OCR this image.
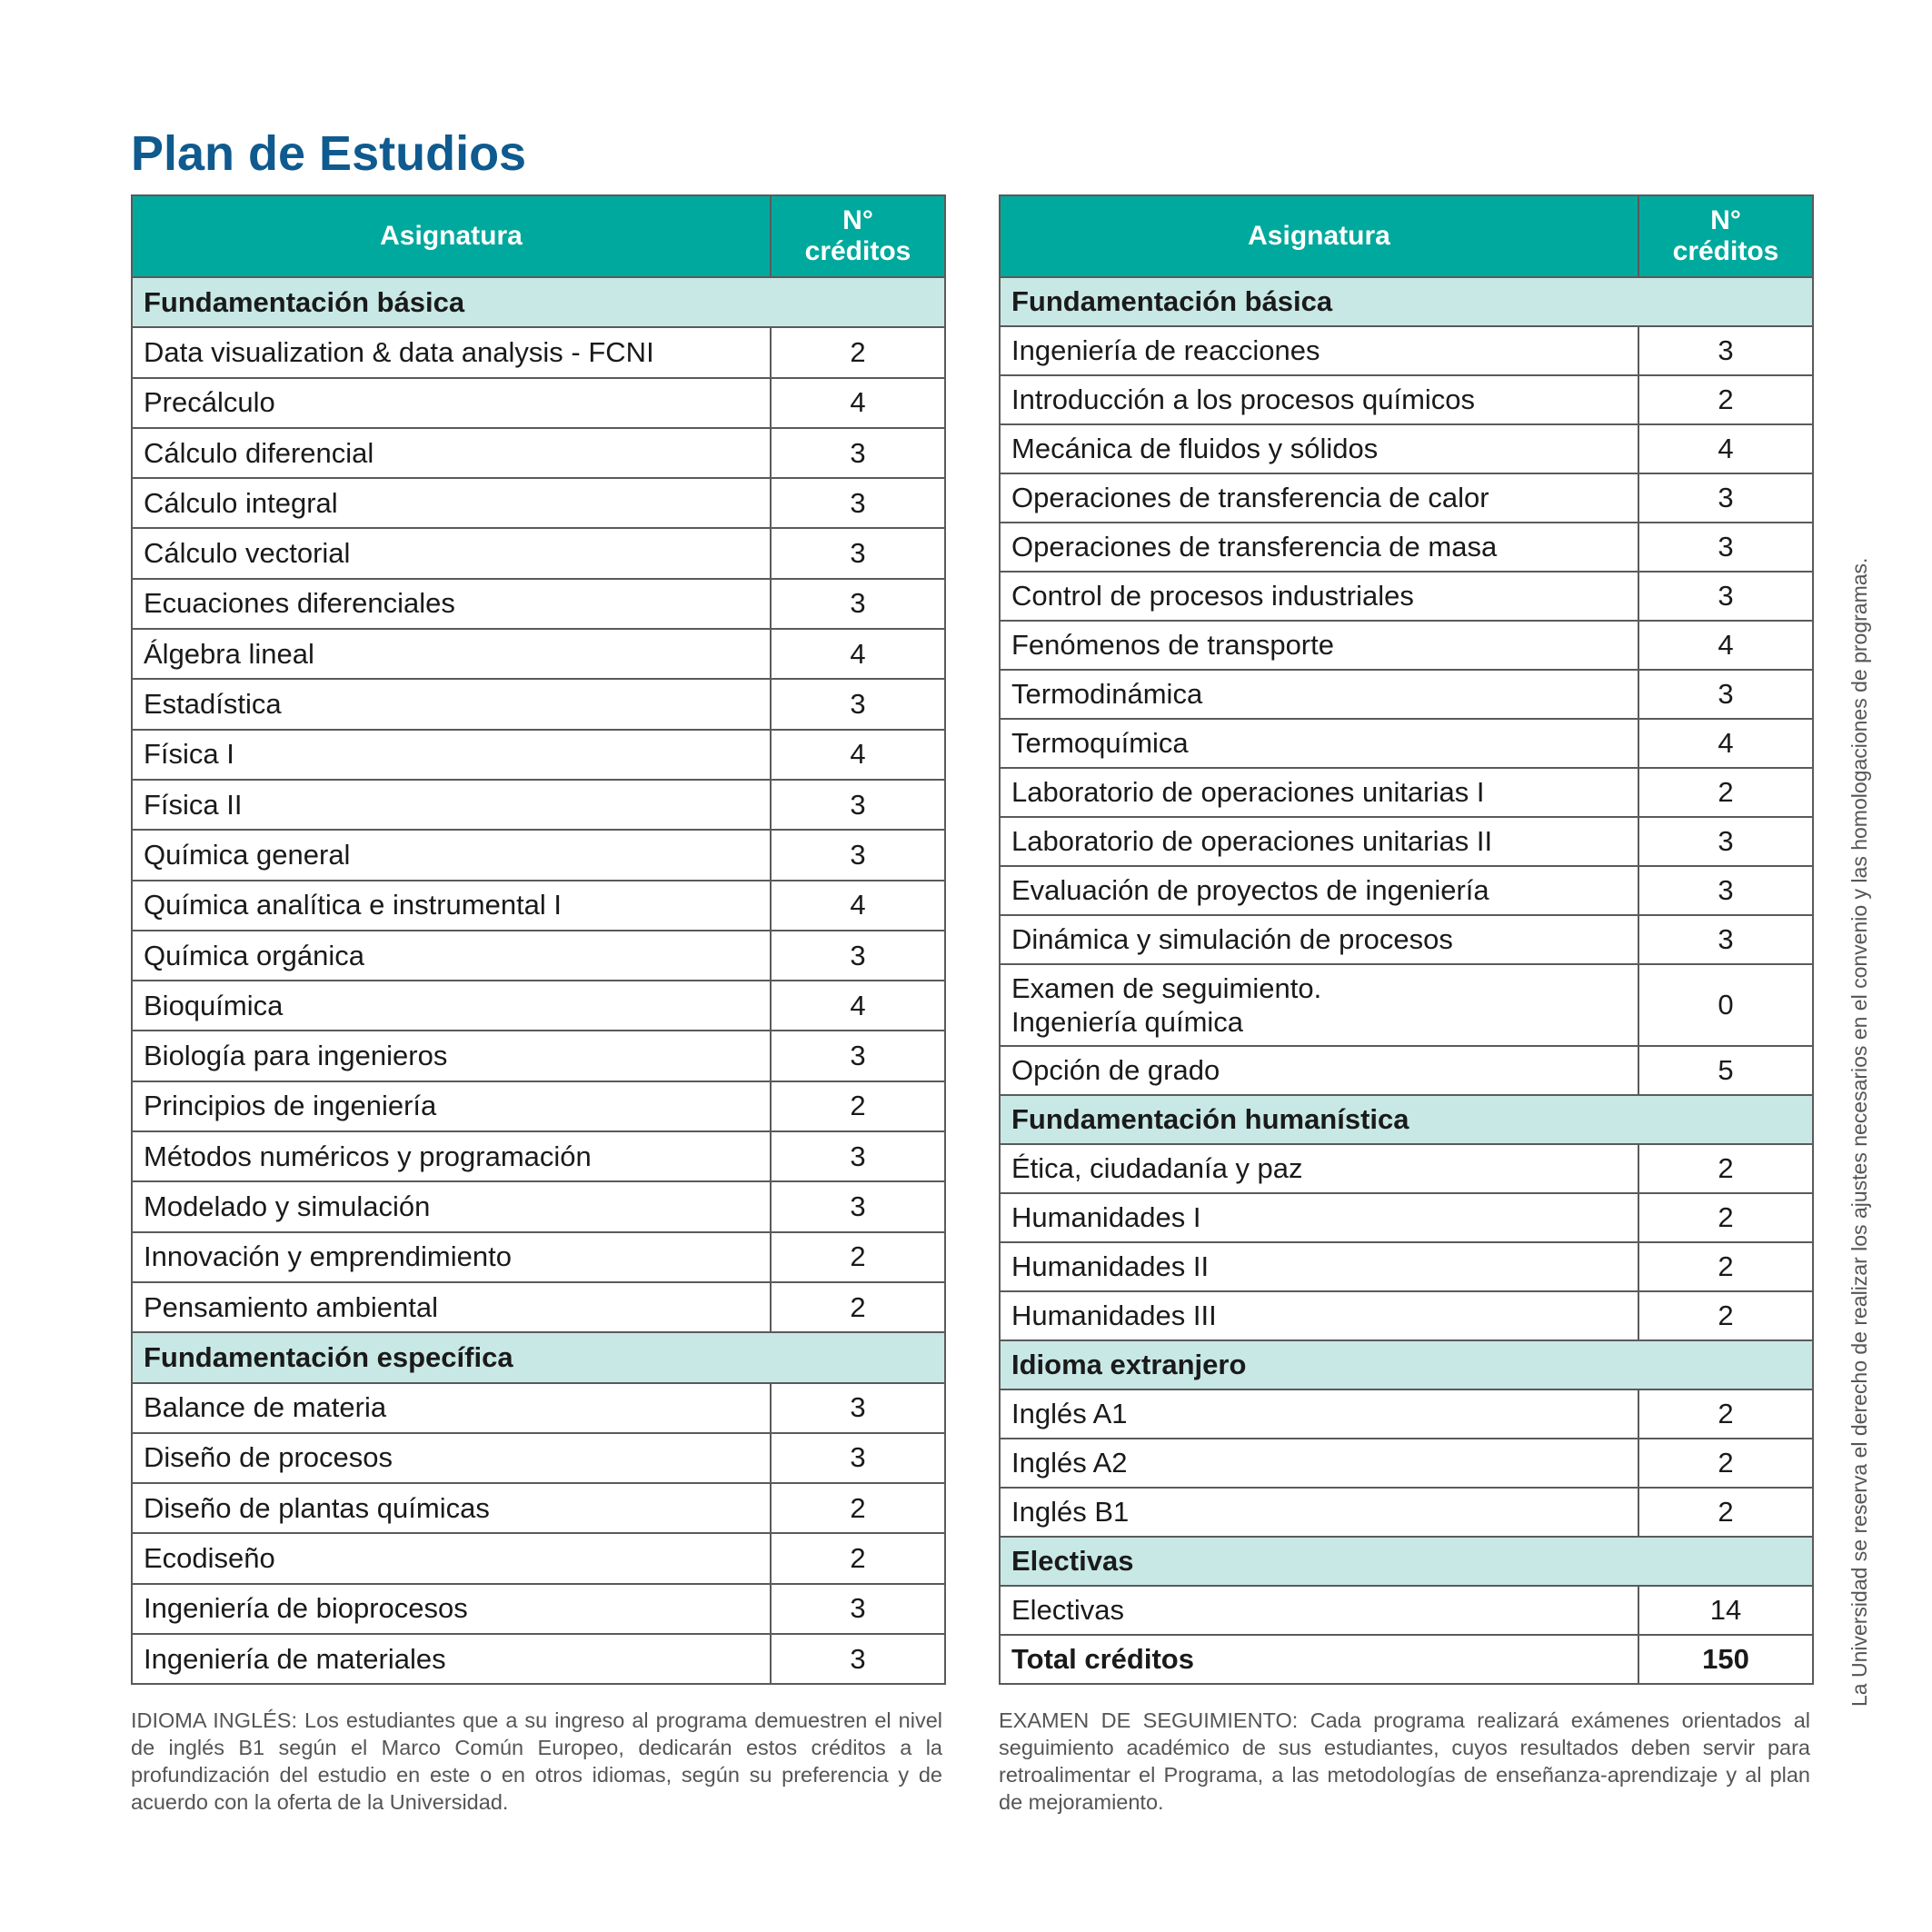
Plan de Estudios
Asignatura	N°
créditos
Fundamentación básica	
Data visualization & data analysis - FCNI	2
Precálculo	4
Cálculo diferencial	3
Cálculo integral	3
Cálculo vectorial	3
Ecuaciones diferenciales	3
Álgebra lineal	4
Estadística	3
Física I	4
Física II	3
Química general	3
Química analítica e instrumental I	4
Química orgánica	3
Bioquímica	4
Biología para ingenieros	3
Principios de ingeniería	2
Métodos numéricos y programación	3
Modelado y simulación	3
Innovación y emprendimiento	2
Pensamiento ambiental	2
Fundamentación específica	
Balance de materia	3
Diseño de procesos	3
Diseño de plantas químicas	2
Ecodiseño	2
Ingeniería de bioprocesos	3
Ingeniería de materiales	3
Asignatura	N°
créditos
Fundamentación básica	
Ingeniería de reacciones	3
Introducción a los procesos químicos	2
Mecánica de fluidos y sólidos	4
Operaciones de transferencia de calor	3
Operaciones de transferencia de masa	3
Control de procesos industriales	3
Fenómenos de transporte	4
Termodinámica	3
Termoquímica	4
Laboratorio de operaciones unitarias I	2
Laboratorio de operaciones unitarias II	3
Evaluación de proyectos de ingeniería	3
Dinámica y simulación de procesos	3
Examen de seguimiento.
Ingeniería química	0
Opción de grado	5
Fundamentación humanística	
Ética, ciudadanía y paz	2
Humanidades I	2
Humanidades II	2
Humanidades III	2
Idioma extranjero	
Inglés A1	2
Inglés A2	2
Inglés B1	2
Electivas	
Electivas	14
Total créditos	150

IDIOMA INGLÉS: Los estudiantes que a su ingreso al programa demuestren el nivel de inglés B1 según el Marco Común Europeo, dedicarán estos créditos a la profundización del estudio en este o en otros idiomas, según su preferencia y de acuerdo con la oferta de la Universidad.

EXAMEN DE SEGUIMIENTO: Cada programa realizará exámenes orientados al seguimiento académico de sus estudiantes, cuyos resultados deben servir para retroalimentar el Programa, a las metodologías de enseñanza-aprendizaje y al plan de mejoramiento.

La Universidad se reserva el derecho de realizar los ajustes necesarios en el convenio y las homologaciones de programas.
